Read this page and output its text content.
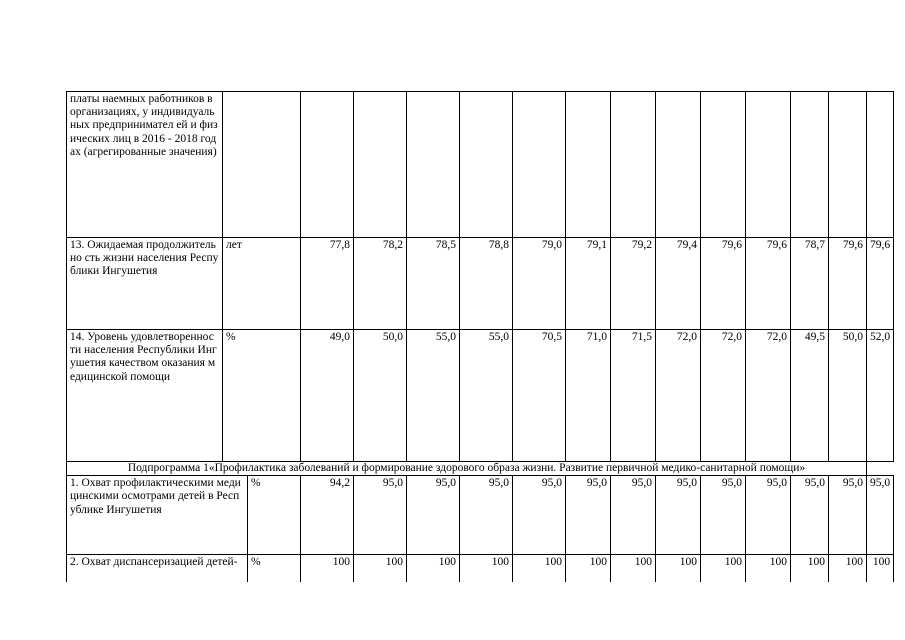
платы наемных работников в организациях, у индивидуальных предпринимател ей и физических лиц в 2016 - 2018 годах (агрегированные значения)															
13. Ожидаемая продолжительно сть жизни населения Республики Ингушетия	лет		77,8	78,2	78,5	78,8	79,0	79,1	79,2	79,4	79,6	79,6	78,7	79,6	79,6
14. Уровень удовлетвореннос ти населения Республики Ингушетия качеством оказания медицинской помощи	%		49,0	50,0	55,0	55,0	70,5	71,0	71,5	72,0	72,0	72,0	49,5	50,0	52,0
Подпрограмма 1«Профилактика заболеваний и формирование здорового образа жизни. Развитие первичной медико-санитарной помощи»															
1. Охват профилактическими медицинскими осмотрами детей в Республике Ингушетия		%	94,2	95,0	95,0	95,0	95,0	95,0	95,0	95,0	95,0	95,0	95,0	95,0	95,0
2. Охват диспансеризацией детей-		%	100	100	100	100	100	100	100	100	100	100	100	100	100
